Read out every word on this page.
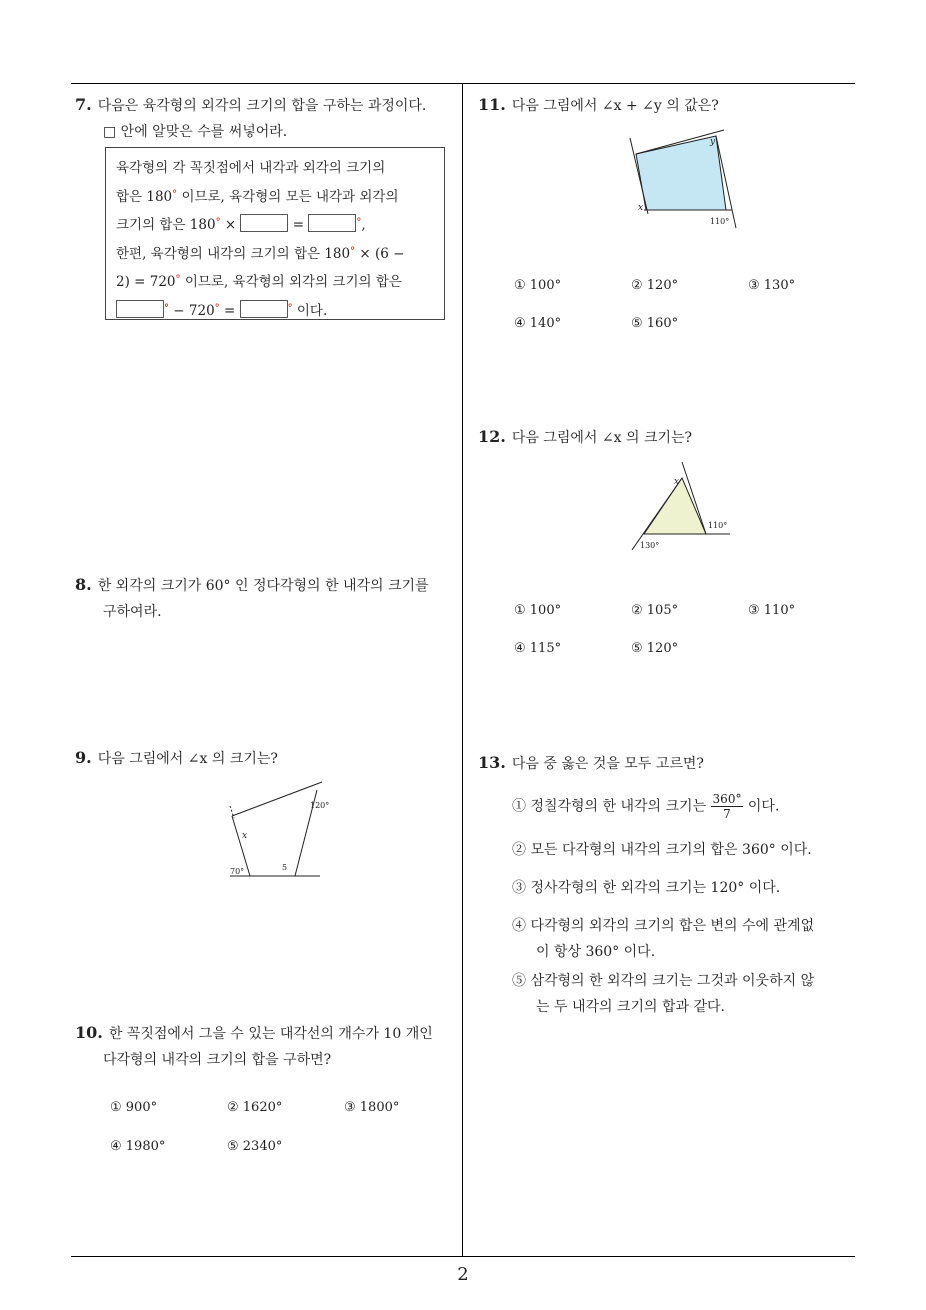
7. 다음은 육각형의 외각의 크기의 합을 구하는 과정이다.
□ 안에 알맞은 수를 써넣어라.
육각형의 각 꼭짓점에서 내각과 외각의 크기의
합은 180° 이므로, 육각형의 모든 내각과 외각의
크기의 합은 180° ×	=	°,
한편, 육각형의 내각의 크기의 합은 180° × (6 −
2) = 720° 이므로, 육각형의 외각의 크기의 합은
° − 720° =	° 이다.
8. 한 외각의 크기가 60° 인 정다각형의 한 내각의 크기를
구하여라.
9. 다음 그림에서 ∠x 의 크기는?
x
120°
70°	5
10. 한 꼭짓점에서 그을 수 있는 대각선의 개수가 10 개인
다각형의 내각의 크기의 합을 구하면?
① 900°	② 1620°	③ 1800°
④ 1980°	⑤ 2340°
11. 다음 그림에서 ∠x + ∠y 의 값은?
y
x
110°
① 100°	② 120°	③ 130°
④ 140°	⑤ 160°
12. 다음 그림에서 ∠x 의 크기는?
x
110°
130°
① 100°	② 105°	③ 110°
④ 115°	⑤ 120°
13. 다음 중 옳은 것을 모두 고르면?
① 정칠각형의 한 내각의 크기는 $\frac{360^\circ}{7}$ 이다.
② 모든 다각형의 내각의 크기의 합은 360° 이다.
③ 정사각형의 한 외각의 크기는 120° 이다.
④ 다각형의 외각의 크기의 합은 변의 수에 관계없
이 항상 360° 이다.
⑤ 삼각형의 한 외각의 크기는 그것과 이웃하지 않
는 두 내각의 크기의 합과 같다.
2
